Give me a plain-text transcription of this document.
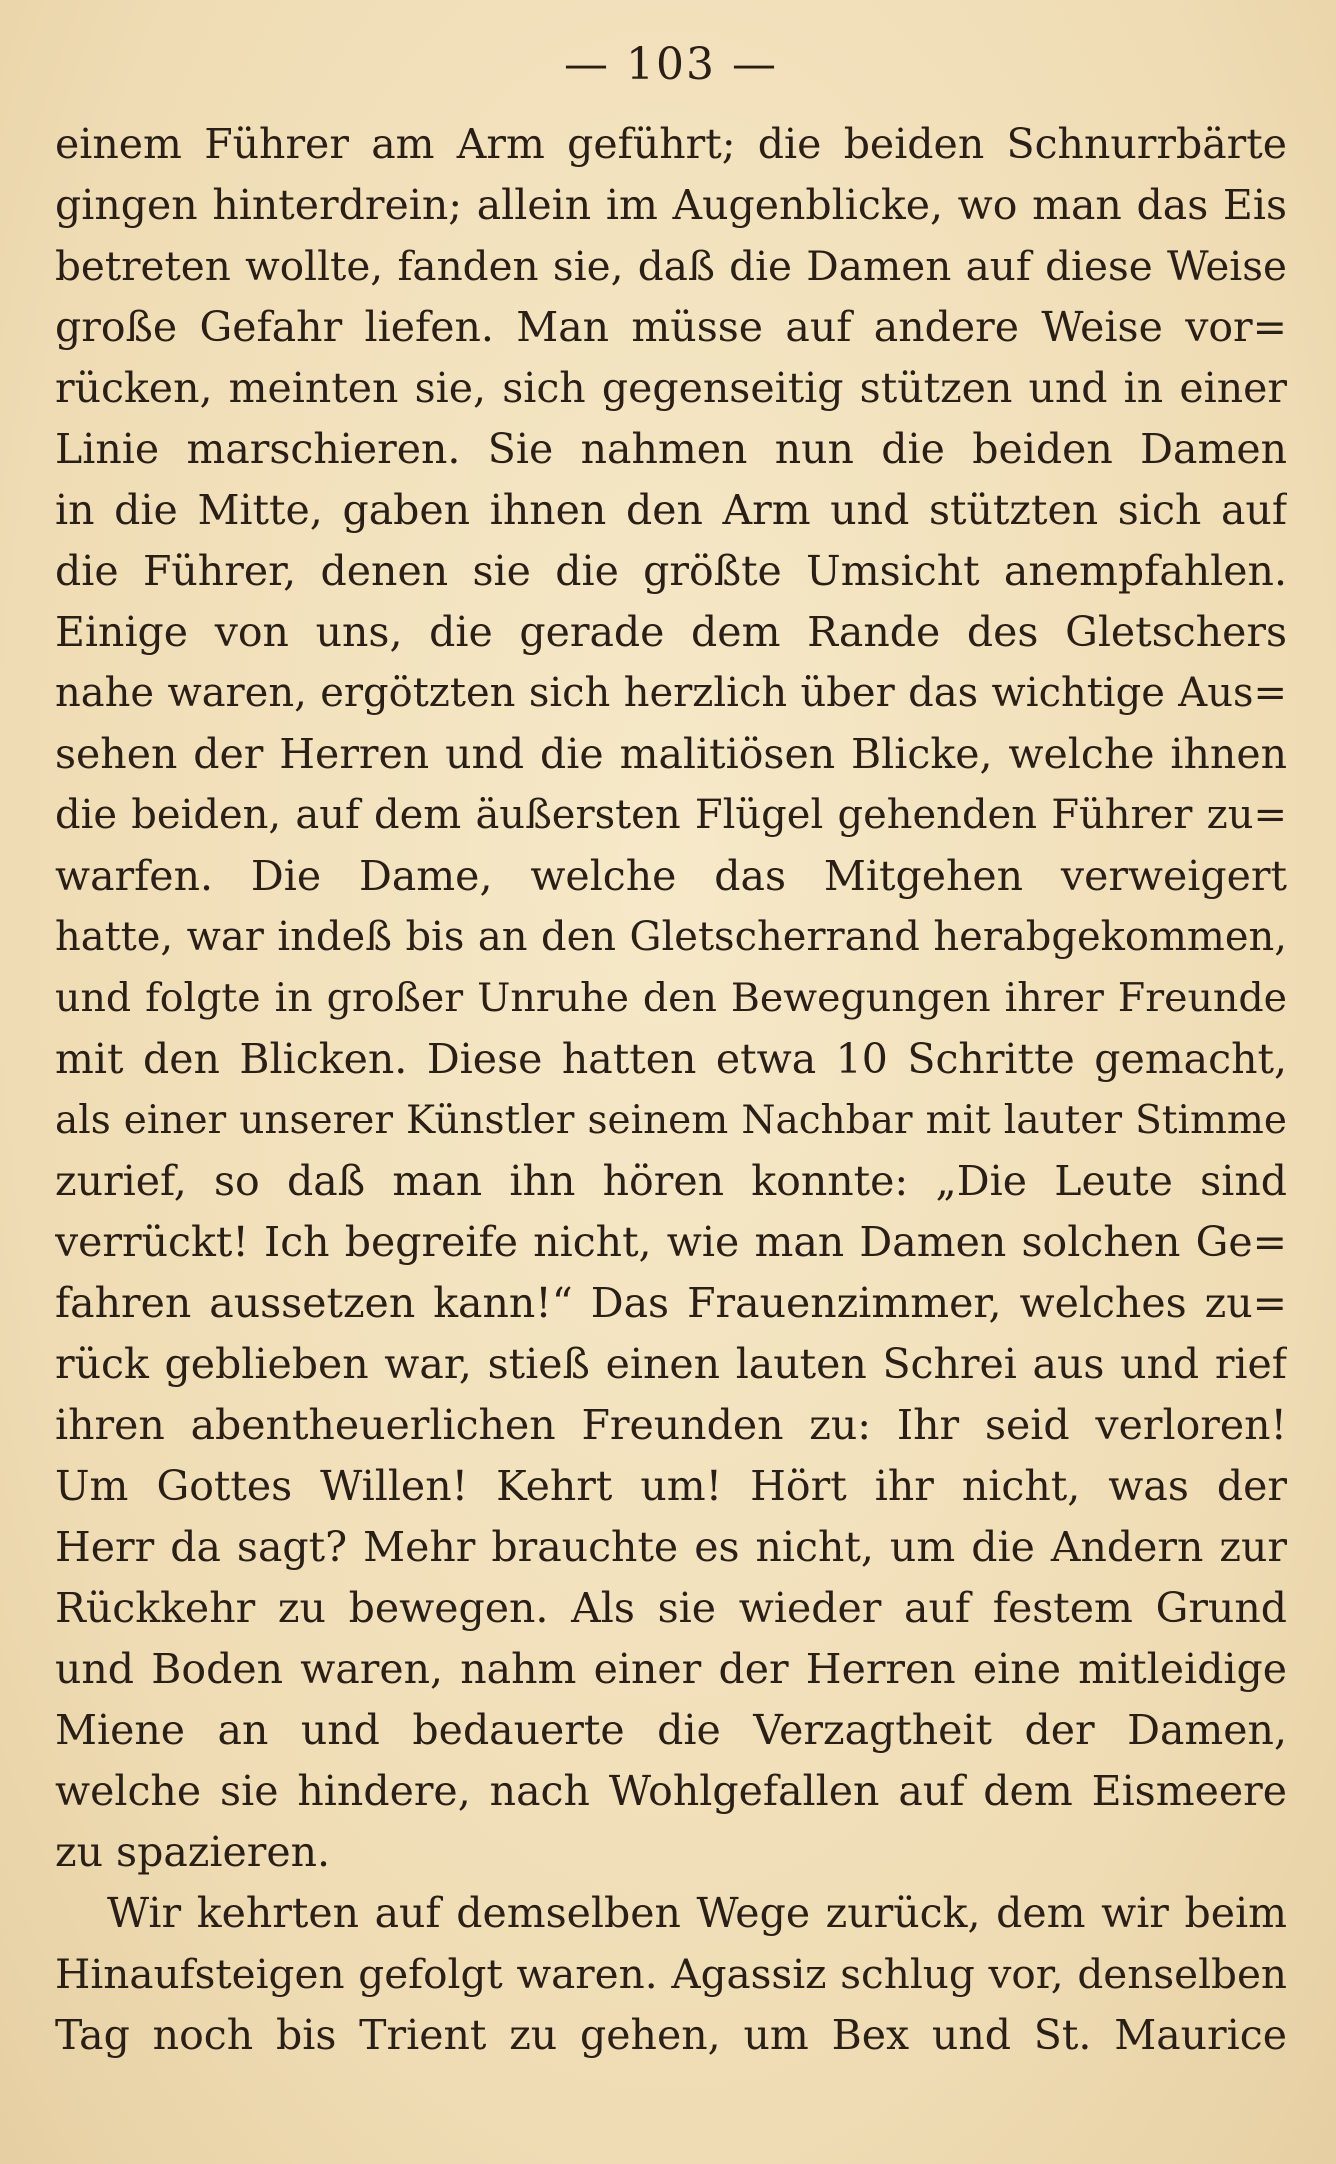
— 103 —
einem Führer am Arm geführt; die beiden Schnurrbärte
gingen hinterdrein; allein im Augenblicke, wo man das Eis
betreten wollte, fanden sie, daß die Damen auf diese Weise
große Gefahr liefen. Man müsse auf andere Weise vor=
rücken, meinten sie, sich gegenseitig stützen und in einer
Linie marschieren. Sie nahmen nun die beiden Damen
in die Mitte, gaben ihnen den Arm und stützten sich auf
die Führer, denen sie die größte Umsicht anempfahlen.
Einige von uns, die gerade dem Rande des Gletschers
nahe waren, ergötzten sich herzlich über das wichtige Aus=
sehen der Herren und die malitiösen Blicke, welche ihnen
die beiden, auf dem äußersten Flügel gehenden Führer zu=
warfen. Die Dame, welche das Mitgehen verweigert
hatte, war indeß bis an den Gletscherrand herabgekommen,
und folgte in großer Unruhe den Bewegungen ihrer Freunde
mit den Blicken. Diese hatten etwa 10 Schritte gemacht,
als einer unserer Künstler seinem Nachbar mit lauter Stimme
zurief, so daß man ihn hören konnte: „Die Leute sind
verrückt! Ich begreife nicht, wie man Damen solchen Ge=
fahren aussetzen kann!“ Das Frauenzimmer, welches zu=
rück geblieben war, stieß einen lauten Schrei aus und rief
ihren abentheuerlichen Freunden zu: Ihr seid verloren!
Um Gottes Willen! Kehrt um! Hört ihr nicht, was der
Herr da sagt? Mehr brauchte es nicht, um die Andern zur
Rückkehr zu bewegen. Als sie wieder auf festem Grund
und Boden waren, nahm einer der Herren eine mitleidige
Miene an und bedauerte die Verzagtheit der Damen,
welche sie hindere, nach Wohlgefallen auf dem Eismeere
zu spazieren.
Wir kehrten auf demselben Wege zurück, dem wir beim
Hinaufsteigen gefolgt waren. Agassiz schlug vor, denselben
Tag noch bis Trient zu gehen, um Bex und St. Maurice
